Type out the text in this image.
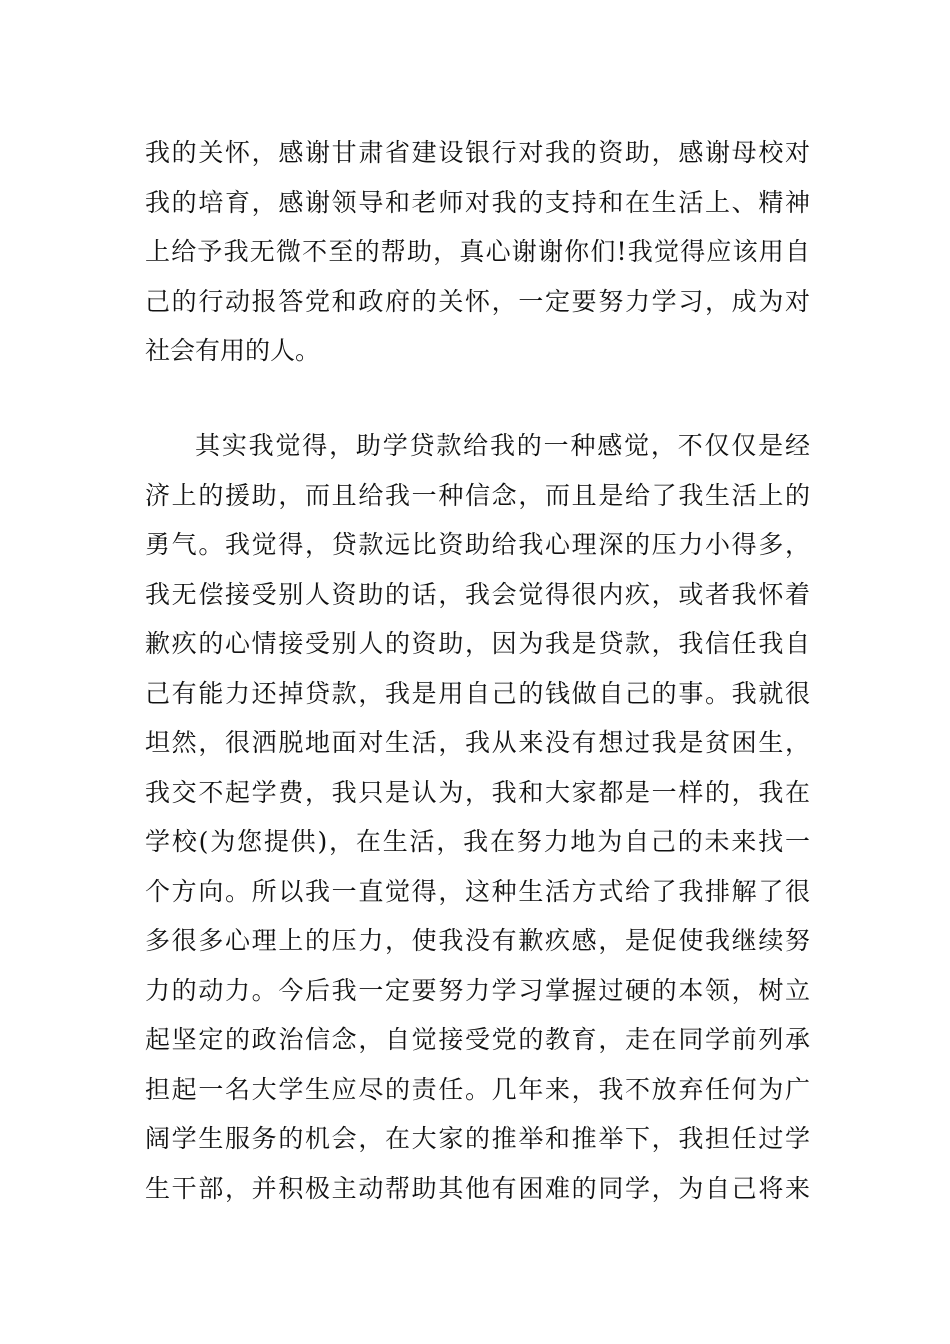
我的关怀，感谢甘肃省建设银行对我的资助，感谢母校对
我的培育，感谢领导和老师对我的支持和在生活上、精神
上给予我无微不至的帮助，真心谢谢你们!我觉得应该用自
己的行动报答党和政府的关怀，一定要努力学习，成为对
社会有用的人。
其实我觉得，助学贷款给我的一种感觉，不仅仅是经
济上的援助，而且给我一种信念，而且是给了我生活上的
勇气。我觉得，贷款远比资助给我心理深的压力小得多，
我无偿接受别人资助的话，我会觉得很内疚，或者我怀着
歉疚的心情接受别人的资助，因为我是贷款，我信任我自
己有能力还掉贷款，我是用自己的钱做自己的事。我就很
坦然，很洒脱地面对生活，我从来没有想过我是贫困生，
我交不起学费，我只是认为，我和大家都是一样的，我在
学校(为您提供)，在生活，我在努力地为自己的未来找一
个方向。所以我一直觉得，这种生活方式给了我排解了很
多很多心理上的压力，使我没有歉疚感，是促使我继续努
力的动力。今后我一定要努力学习掌握过硬的本领，树立
起坚定的政治信念，自觉接受党的教育，走在同学前列承
担起一名大学生应尽的责任。几年来，我不放弃任何为广
阔学生服务的机会，在大家的推举和推举下，我担任过学
生干部，并积极主动帮助其他有困难的同学，为自己将来
